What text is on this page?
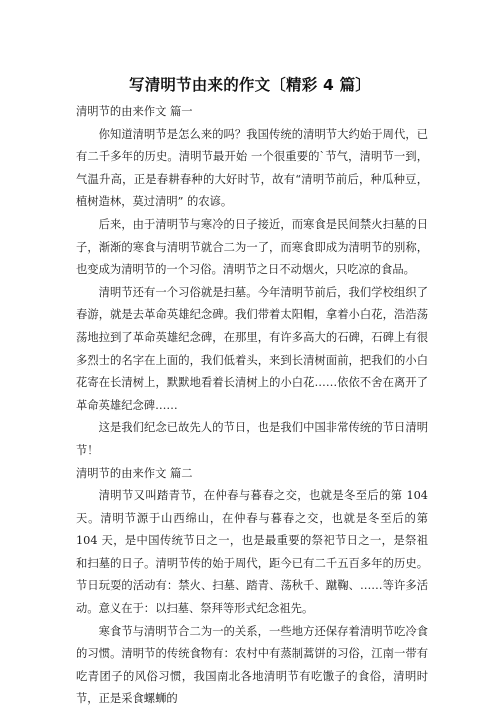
写清明节由来的作文〔精彩 4 篇〕

清明节的由来作文 篇一

你知道清明节是怎么来的吗？我国传统的清明节大约始于周代，已有二千多年的历史。清明节最开始 一个很重要的`节气，清明节一到，气温升高，正是春耕春种的大好时节，故有“清明节前后，种瓜种豆，植树造林，莫过清明” 的农谚。

后来，由于清明节与寒冷的日子接近，而寒食是民间禁火扫墓的日子，渐渐的寒食与清明节就合二为一了，而寒食即成为清明节的别称，也变成为清明节的一个习俗。清明节之日不动烟火，只吃凉的食品。

清明节还有一个习俗就是扫墓。今年清明节前后，我们学校组织了春游，就是去革命英雄纪念碑。我们带着太阳帽，拿着小白花，浩浩荡荡地拉到了革命英雄纪念碑，在那里，有许多高大的石碑，石碑上有很多烈士的名字在上面的，我们低着头，来到长清树面前，把我们的小白花寄在长清树上，默默地看着长清树上的小白花……依依不舍在离开了革命英雄纪念碑……

这是我们纪念已故先人的节日，也是我们中国非常传统的节日清明节！

清明节的由来作文 篇二

清明节又叫踏青节，在仲春与暮春之交，也就是冬至后的第 104 天。清明节源于山西绵山，在仲春与暮春之交，也就是冬至后的第 104 天，是中国传统节日之一，也是最重要的祭祀节日之一，是祭祖和扫墓的日子。清明节传的始于周代，距今已有二千五百多年的历史。节日玩耍的活动有：禁火、扫墓、踏青、荡秋千、蹴鞠、……等许多活动。意义在于：以扫墓、祭拜等形式纪念祖先。

寒食节与清明节合二为一的关系，一些地方还保存着清明节吃冷食的习惯。清明节的传统食物有：农村中有蒸制蒿饼的习俗，江南一带有吃青团子的风俗习惯，我国南北各地清明节有吃馓子的食俗，清明时节，正是采食螺蛳的
